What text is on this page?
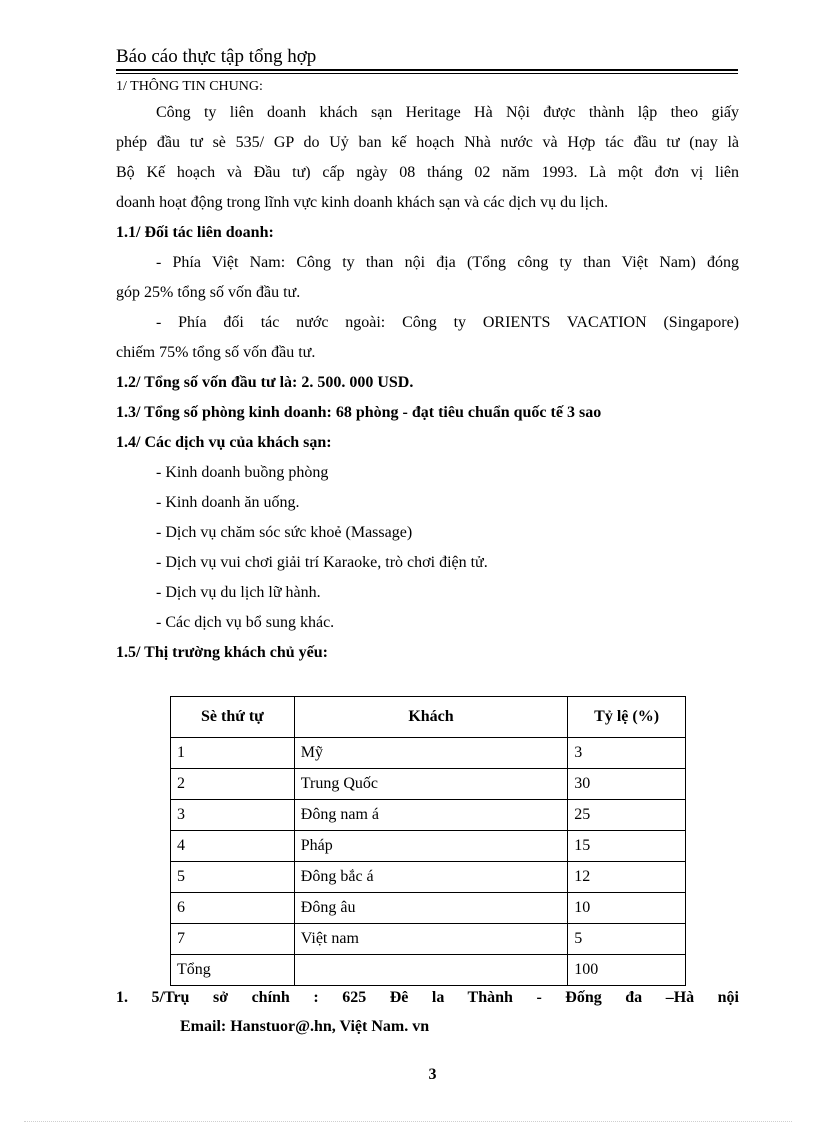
Báo cáo thực tập tổng hợp
1/ THÔNG TIN CHUNG:
Công ty liên doanh khách sạn Heritage Hà Nội được thành lập theo giấy
phép đầu tư sè 535/ GP do Uỷ ban kế hoạch Nhà nước và Hợp tác đầu tư (nay là
Bộ Kế hoạch và Đầu tư) cấp ngày 08 tháng 02 năm 1993. Là một đơn vị liên
doanh hoạt động trong lĩnh vực kinh doanh khách sạn và các dịch vụ du lịch.
1.1/ Đối tác liên doanh:
- Phía Việt Nam: Công ty than nội địa (Tổng công ty than Việt Nam) đóng
góp 25% tổng số vốn đầu tư.
- Phía đối tác nước ngoài: Công ty ORIENTS VACATION (Singapore)
chiếm 75% tổng số vốn đầu tư.
1.2/ Tổng số vốn đầu tư là: 2. 500. 000 USD.
1.3/ Tổng số phòng kinh doanh: 68 phòng - đạt tiêu chuẩn quốc tế 3 sao
1.4/ Các dịch vụ của khách sạn:
- Kinh doanh buồng phòng
- Kinh doanh ăn uống.
- Dịch vụ chăm sóc sức khoẻ (Massage)
- Dịch vụ vui chơi giải trí Karaoke, trò chơi điện tử.
- Dịch vụ du lịch lữ hành.
- Các dịch vụ bổ sung khác.
1.5/ Thị trường khách chủ yếu:
Sè thứ tự	Khách	Tỷ lệ (%)
1	Mỹ	3
2	Trung Quốc	30
3	Đông nam á	25
4	Pháp	15
5	Đông bắc á	12
6	Đông âu	10
7	Việt nam	5
Tổng		100
1. 5/Trụ sở chính : 625 Đê la Thành - Đống đa –Hà nội
Email: Hanstuor@.hn, Việt Nam. vn
3
